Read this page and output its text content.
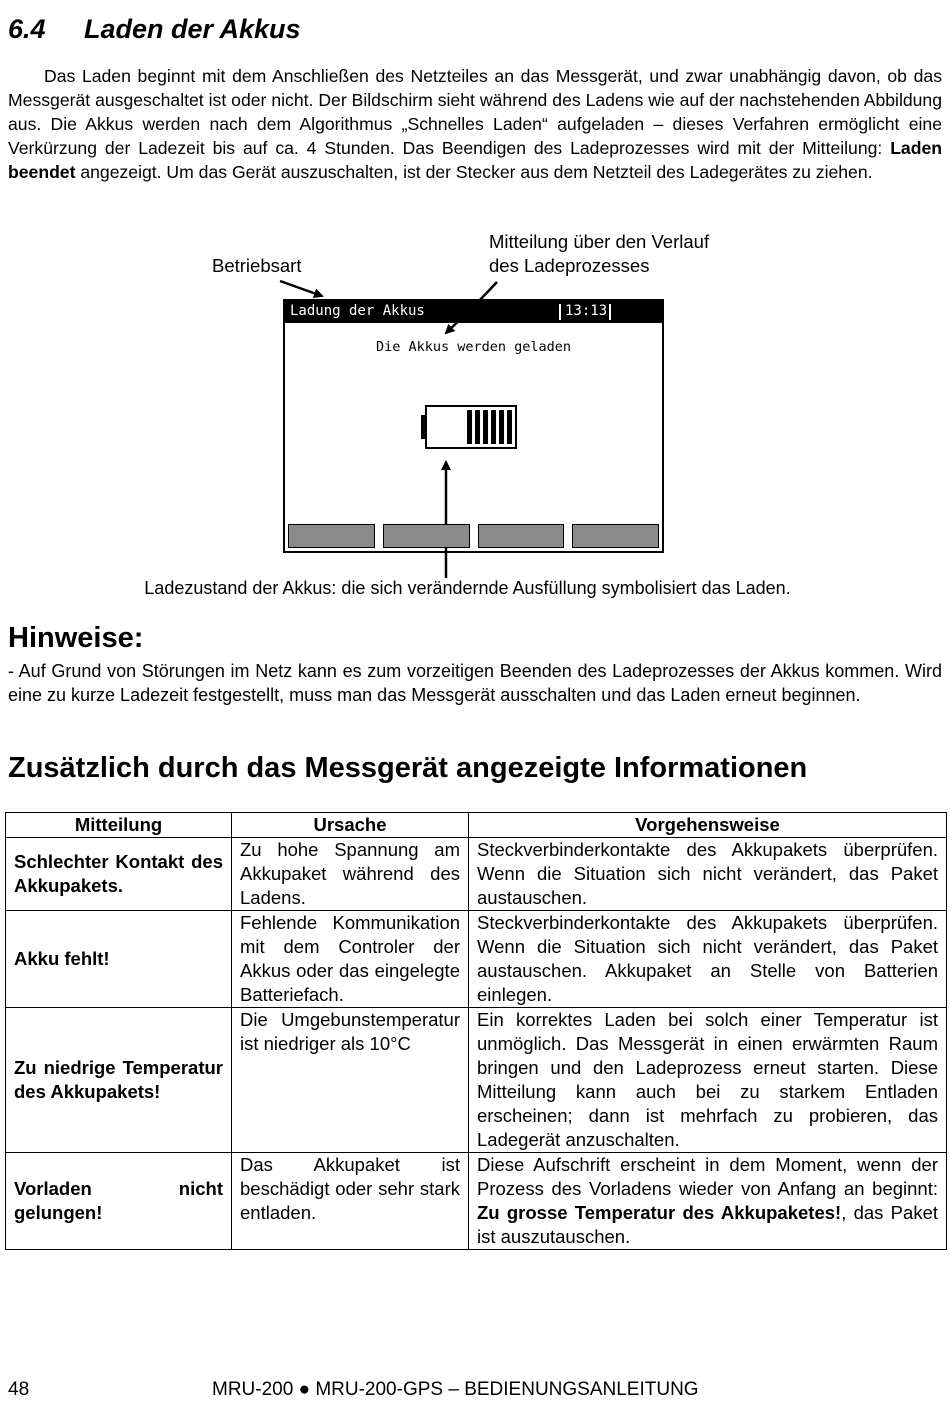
6.4 Laden der Akkus

Das Laden beginnt mit dem Anschließen des Netzteiles an das Messgerät, und zwar unabhängig davon, ob das Messgerät ausgeschaltet ist oder nicht. Der Bildschirm sieht während des Ladens wie auf der nachstehenden Abbildung aus. Die Akkus werden nach dem Algorithmus „Schnelles Laden“ aufgeladen – dieses Verfahren ermöglicht eine Verkürzung der Ladezeit bis auf ca. 4 Stunden. Das Beendigen des Ladeprozesses wird mit der Mitteilung: Laden beendet angezeigt. Um das Gerät auszuschalten, ist der Stecker aus dem Netzteil des Ladegerätes zu ziehen.

Betriebsart
Mitteilung über den Verlauf
des Ladeprozesses
Ladung der Akkus	13:13
Die Akkus werden geladen
Ladezustand der Akkus: die sich verändernde Ausfüllung symbolisiert das Laden.
Hinweise:

- Auf Grund von Störungen im Netz kann es zum vorzeitigen Beenden des Ladeprozesses der Akkus kommen. Wird eine zu kurze Ladezeit festgestellt, muss man das Messgerät ausschalten und das Laden erneut beginnen.

Zusätzlich durch das Messgerät angezeigte Informationen
Mitteilung	Ursache	Vorgehensweise
Schlechter Kontakt des Akkupakets.	Zu hohe Spannung am Akkupaket während des Ladens.	Steckverbinderkontakte des Akkupakets überprüfen. Wenn die Situation sich nicht verändert, das Paket austauschen.
Akku fehlt!	Fehlende Kommunikation mit dem Controler der Akkus oder das eingelegte Batteriefach.	Steckverbinderkontakte des Akkupakets überprüfen. Wenn die Situation sich nicht verändert, das Paket austauschen. Akkupaket an Stelle von Batterien einlegen.
Zu niedrige Temperatur des Akkupakets!	Die Umgebunstemperatur ist niedriger als 10°C	Ein korrektes Laden bei solch einer Temperatur ist unmöglich. Das Messgerät in einen erwärmten Raum bringen und den Ladeprozess erneut starten. Diese Mitteilung kann auch bei zu starkem Entladen erscheinen; dann ist mehrfach zu probieren, das Ladegerät anzuschalten.
Vorladen nicht gelungen!	Das Akkupaket ist beschädigt oder sehr stark entladen.	Diese Aufschrift erscheint in dem Moment, wenn der Prozess des Vorladens wieder von Anfang an beginnt: Zu grosse Temperatur des Akkupaketes!, das Paket ist auszutauschen.
48	MRU-200 ● MRU-200-GPS – BEDIENUNGSANLEITUNG
